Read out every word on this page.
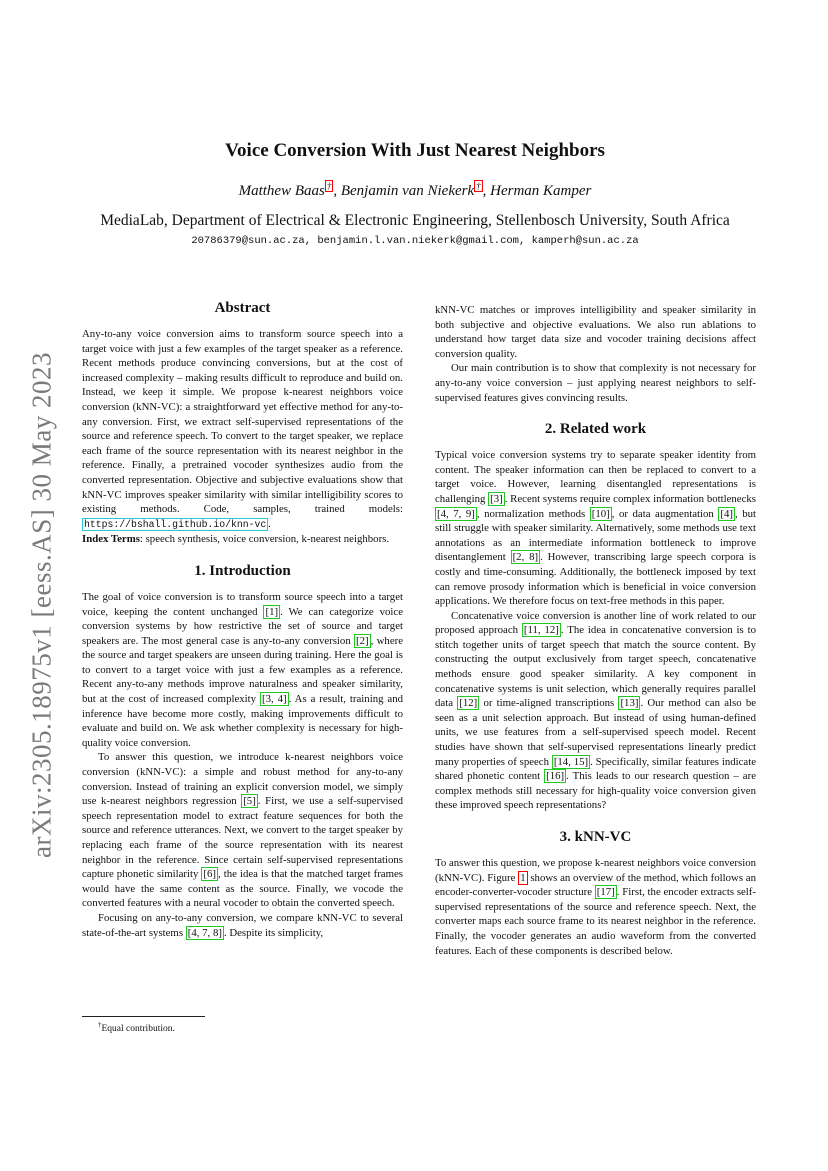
arXiv:2305.18975v1 [eess.AS] 30 May 2023
Voice Conversion With Just Nearest Neighbors
Matthew Baas † , Benjamin van Niekerk † , Herman Kamper
MediaLab, Department of Electrical & Electronic Engineering, Stellenbosch University, South Africa
20786379@sun.ac.za, benjamin.l.van.niekerk@gmail.com, kamperh@sun.ac.za
Abstract

Any-to-any voice conversion aims to transform source speech into a target voice with just a few examples of the target speaker as a reference. Recent methods produce convincing conversions, but at the cost of increased complexity – making results difficult to reproduce and build on. Instead, we keep it simple. We propose k-nearest neighbors voice conversion (kNN-VC): a straightforward yet effective method for any-to-any conversion. First, we extract self-supervised representations of the source and reference speech. To convert to the target speaker, we replace each frame of the source representation with its nearest neighbor in the reference. Finally, a pretrained vocoder synthesizes audio from the converted representation. Objective and subjective evaluations show that kNN-VC improves speaker similarity with similar intelligibility scores to existing methods. Code, samples, trained models: https://bshall.github.io/knn-vc .
Index Terms: speech synthesis, voice conversion, k-nearest neighbors.

1. Introduction

The goal of voice conversion is to transform source speech into a target voice, keeping the content unchanged [1] . We can categorize voice conversion systems by how restrictive the set of source and target speakers are. The most general case is any-to-any conversion [2] , where the source and target speakers are unseen during training. Here the goal is to convert to a target voice with just a few examples as a reference. Recent any-to-any methods improve naturalness and speaker similarity, but at the cost of increased complexity [3, 4] . As a result, training and inference have become more costly, making improvements difficult to evaluate and build on. We ask whether complexity is necessary for high-quality voice conversion.

To answer this question, we introduce k-nearest neighbors voice conversion (kNN-VC): a simple and robust method for any-to-any conversion. Instead of training an explicit conversion model, we simply use k-nearest neighbors regression [5] . First, we use a self-supervised speech representation model to extract feature sequences for both the source and reference utterances. Next, we convert to the target speaker by replacing each frame of the source representation with its nearest neighbor in the reference. Since certain self-supervised representations capture phonetic similarity [6] , the idea is that the matched target frames would have the same content as the source. Finally, we vocode the converted features with a neural vocoder to obtain the converted speech.

Focusing on any-to-any conversion, we compare kNN-VC to several state-of-the-art systems [4, 7, 8] . Despite its simplicity,

†Equal contribution.

kNN-VC matches or improves intelligibility and speaker similarity in both subjective and objective evaluations. We also run ablations to understand how target data size and vocoder training decisions affect conversion quality.

Our main contribution is to show that complexity is not necessary for any-to-any voice conversion – just applying nearest neighbors to self-supervised features gives convincing results.

2. Related work

Typical voice conversion systems try to separate speaker identity from content. The speaker information can then be replaced to convert to a target voice. However, learning disentangled representations is challenging [3] . Recent systems require complex information bottlenecks [4, 7, 9] , normalization methods [10] , or data augmentation [4] , but still struggle with speaker similarity. Alternatively, some methods use text annotations as an intermediate information bottleneck to improve disentanglement [2, 8] . However, transcribing large speech corpora is costly and time-consuming. Additionally, the bottleneck imposed by text can remove prosody information which is beneficial in voice conversion applications. We therefore focus on text-free methods in this paper.

Concatenative voice conversion is another line of work related to our proposed approach [11, 12] . The idea in concatenative conversion is to stitch together units of target speech that match the source content. By constructing the output exclusively from target speech, concatenative methods ensure good speaker similarity. A key component in concatenative systems is unit selection, which generally requires parallel data [12] or time-aligned transcriptions [13] . Our method can also be seen as a unit selection approach. But instead of using human-defined units, we use features from a self-supervised speech model. Recent studies have shown that self-supervised representations linearly predict many properties of speech [14, 15] . Specifically, similar features indicate shared phonetic content [16] . This leads to our research question – are complex methods still necessary for high-quality voice conversion given these improved speech representations?

3. kNN-VC

To answer this question, we propose k-nearest neighbors voice conversion (kNN-VC). Figure 1 shows an overview of the method, which follows an encoder-converter-vocoder structure [17] . First, the encoder extracts self-supervised representations of the source and reference speech. Next, the converter maps each source frame to its nearest neighbor in the reference. Finally, the vocoder generates an audio waveform from the converted features. Each of these components is described below.
